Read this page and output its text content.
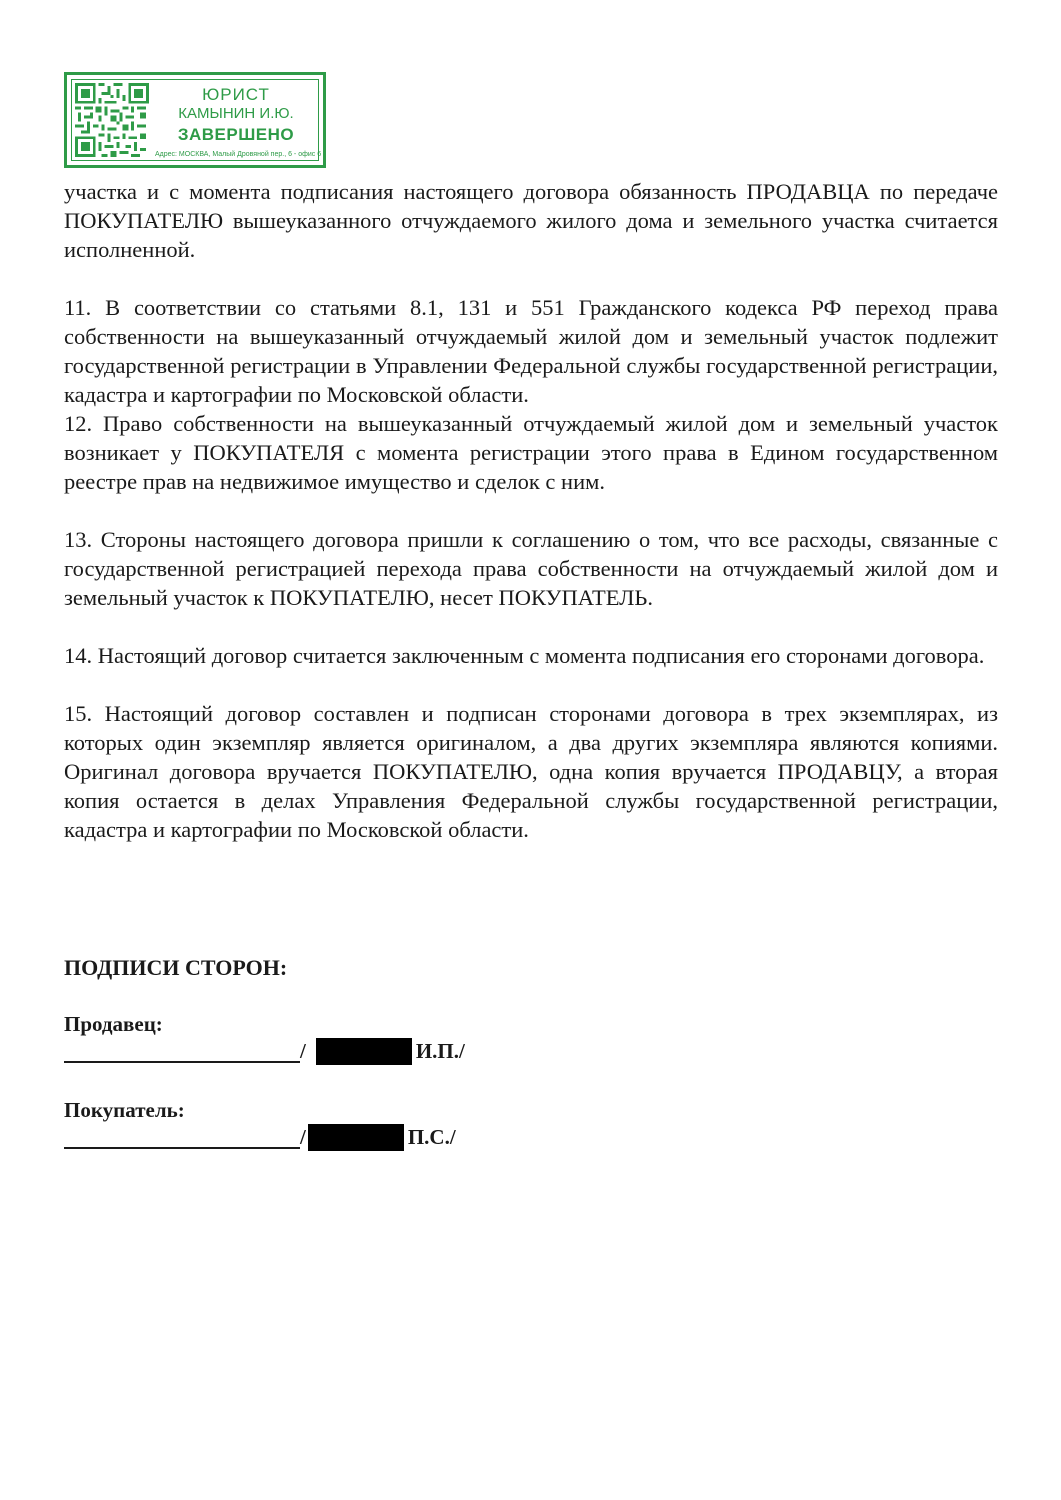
ЮРИСТ
КАМЫНИН И.Ю.
ЗАВЕРШЕНО
Адрес: МОСКВА, Малый Дровяной пер., 6 - офис 6

участка и с момента подписания настоящего договора обязанность ПРОДАВЦА по передаче ПОКУПАТЕЛЮ вышеуказанного отчуждаемого жилого дома и земельного участка считается исполненной.

11. В соответствии со статьями 8.1, 131 и 551 Гражданского кодекса РФ переход права собственности на вышеуказанный отчуждаемый жилой дом и земельный участок подлежит государственной регистрации в Управлении Федеральной службы государственной регистрации, кадастра и картографии по Московской области.

12. Право собственности на вышеуказанный отчуждаемый жилой дом и земельный участок возникает у ПОКУПАТЕЛЯ с момента регистрации этого права в Едином государственном реестре прав на недвижимое имущество и сделок с ним.

13. Стороны настоящего договора пришли к соглашению о том, что все расходы, связанные с государственной регистрацией перехода права собственности на отчуждаемый жилой дом и земельный участок к ПОКУПАТЕЛЮ, несет ПОКУПАТЕЛЬ.

14. Настоящий договор считается заключенным с момента подписания его сторонами договора.

15. Настоящий договор составлен и подписан сторонами договора в трех экземплярах, из которых один экземпляр является оригиналом, а два других экземпляра являются копиями. Оригинал договора вручается ПОКУПАТЕЛЮ, одна копия вручается ПРОДАВЦУ, а вторая копия остается в делах Управления Федеральной службы государственной регистрации, кадастра и картографии по Московской области.

ПОДПИСИ СТОРОН:
Продавец:
/	И.П./
Покупатель:
/	П.С./
